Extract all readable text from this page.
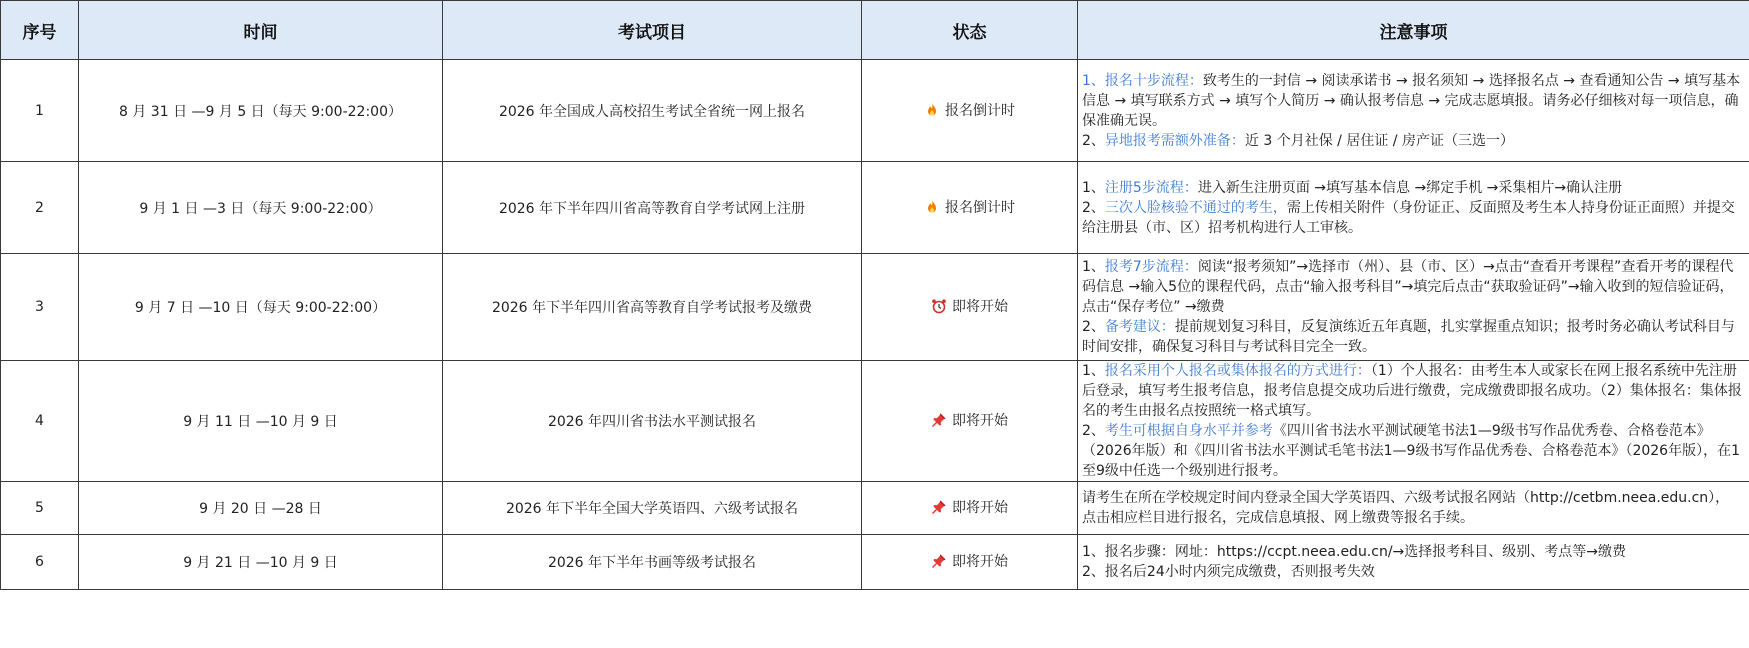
序号	时间	考试项目	状态	注意事项
1	8 月 31 日 —9 月 5 日（每天 9:00-22:00）	2026 年全国成人高校招生考试全省统一网上报名	报名倒计时	1、报名十步流程：致考生的一封信 → 阅读承诺书 → 报名须知 → 选择报名点 → 查看通知公告 → 填写基本信息 → 填写联系方式 → 填写个人简历 → 确认报考信息 → 完成志愿填报。请务必仔细核对每一项信息，确保准确无误。
2、异地报考需额外准备：近 3 个月社保 / 居住证 / 房产证（三选一）

2	9 月 1 日 —3 日（每天 9:00-22:00）	2026 年下半年四川省高等教育自学考试网上注册	报名倒计时	1、注册5步流程：进入新生注册页面 →填写基本信息 →绑定手机 →采集相片→确认注册
2、三次人脸核验不通过的考生，需上传相关附件（身份证正、反面照及考生本人持身份证正面照）并提交给注册县（市、区）招考机构进行人工审核。

3	9 月 7 日 —10 日（每天 9:00-22:00）	2026 年下半年四川省高等教育自学考试报考及缴费	即将开始	1、报考7步流程：阅读“报考须知”→选择市（州）、县（市、区）→点击“查看开考课程”查看开考的课程代码信息 →输入5位的课程代码，点击“输入报考科目”→填完后点击“获取验证码”→输入收到的短信验证码，点击“保存考位” →缴费
2、备考建议：提前规划复习科目，反复演练近五年真题，扎实掌握重点知识；报考时务必确认考试科目与时间安排，确保复习科目与考试科目完全一致。

4	9 月 11 日 —10 月 9 日	2026 年四川省书法水平测试报名	即将开始	1、报名采用个人报名或集体报名的方式进行：（1）个人报名：由考生本人或家长在网上报名系统中先注册后登录，填写考生报考信息，报考信息提交成功后进行缴费，完成缴费即报名成功。（2）集体报名：集体报名的考生由报名点按照统一格式填写。
2、考生可根据自身水平并参考《四川省书法水平测试硬笔书法1—9级书写作品优秀卷、合格卷范本》（2026年版）和《四川省书法水平测试毛笔书法1—9级书写作品优秀卷、合格卷范本》（2026年版），在1至9级中任选一个级别进行报考。

5	9 月 20 日 —28 日	2026 年下半年全国大学英语四、六级考试报名	即将开始	请考生在所在学校规定时间内登录全国大学英语四、六级考试报名网站（http://cetbm.neea.edu.cn），点击相应栏目进行报名，完成信息填报、网上缴费等报名手续。

6	9 月 21 日 —10 月 9 日	2026 年下半年书画等级考试报名	即将开始	1、报名步骤：网址：https://ccpt.neea.edu.cn/→选择报考科目、级别、考点等→缴费
2、报名后24小时内须完成缴费，否则报考失效
